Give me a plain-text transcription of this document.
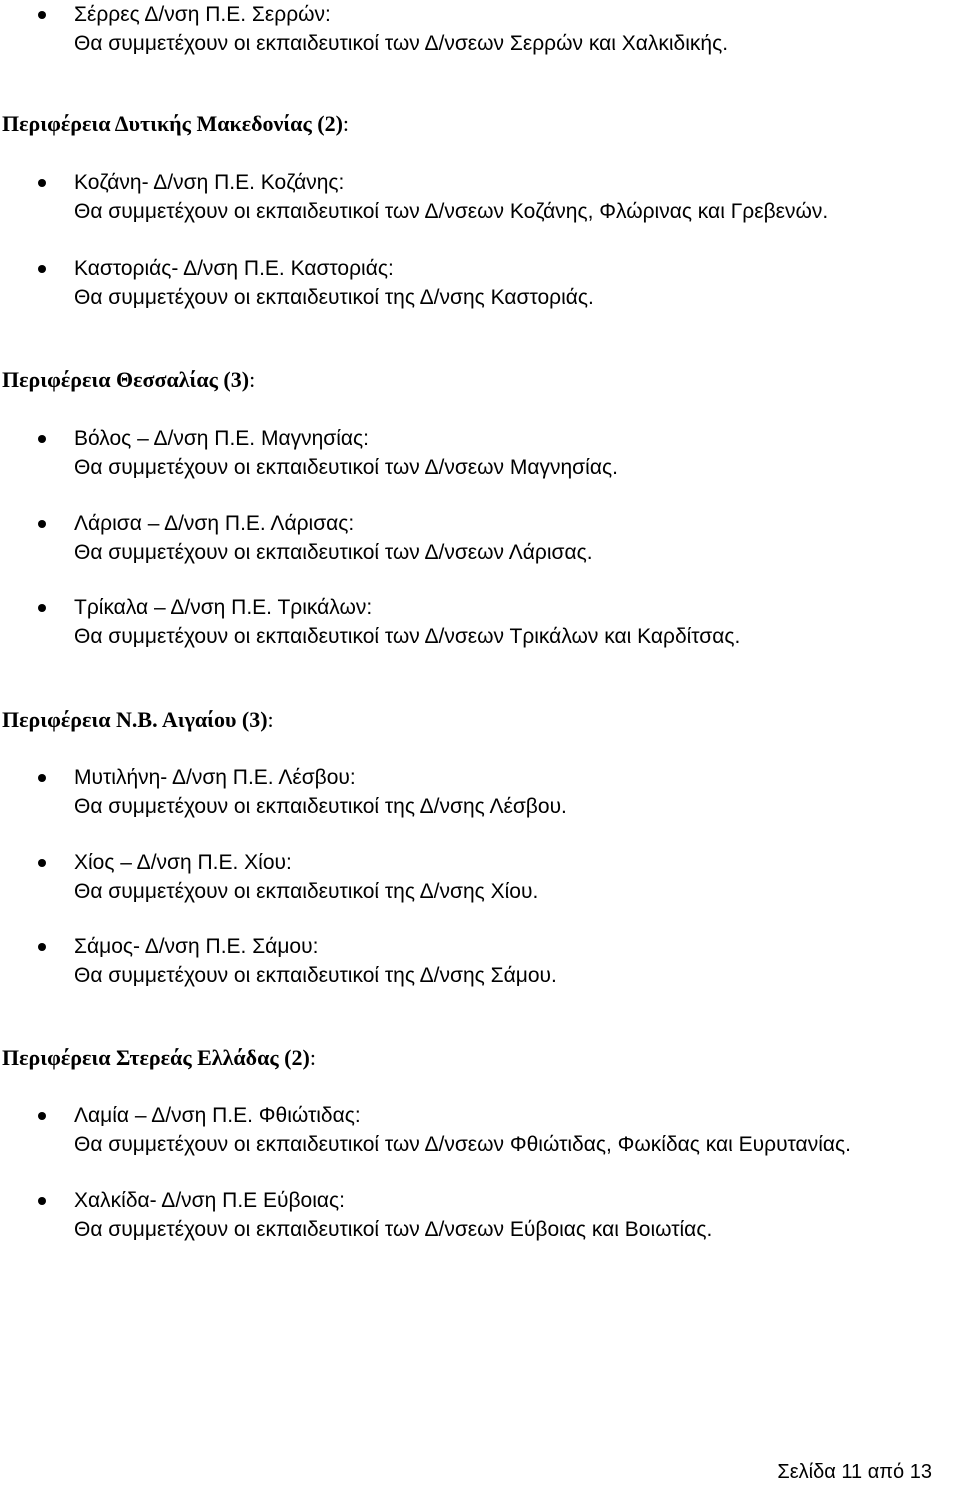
Σέρρες Δ/νση Π.Ε. Σερρών:
Θα συμμετέχουν οι εκπαιδευτικοί των Δ/νσεων Σερρών και Χαλκιδικής.
Περιφέρεια Δυτικής Μακεδονίας (2):
Κοζάνη- Δ/νση Π.Ε. Κοζάνης:
Θα συμμετέχουν οι εκπαιδευτικοί των Δ/νσεων Κοζάνης, Φλώρινας και Γρεβενών.
Καστοριάς- Δ/νση Π.Ε. Καστοριάς:
Θα συμμετέχουν οι εκπαιδευτικοί της Δ/νσης Καστοριάς.
Περιφέρεια Θεσσαλίας (3):
Βόλος – Δ/νση Π.Ε. Μαγνησίας:
Θα συμμετέχουν οι εκπαιδευτικοί των Δ/νσεων Μαγνησίας.
Λάρισα – Δ/νση Π.Ε. Λάρισας:
Θα συμμετέχουν οι εκπαιδευτικοί των Δ/νσεων Λάρισας.
Τρίκαλα – Δ/νση Π.Ε. Τρικάλων:
Θα συμμετέχουν οι εκπαιδευτικοί των Δ/νσεων Τρικάλων και Καρδίτσας.
Περιφέρεια Ν.Β. Αιγαίου (3):
Μυτιλήνη- Δ/νση Π.Ε. Λέσβου:
Θα συμμετέχουν οι εκπαιδευτικοί της Δ/νσης Λέσβου.
Χίος – Δ/νση Π.Ε. Χίου:
Θα συμμετέχουν οι εκπαιδευτικοί της Δ/νσης Χίου.
Σάμος- Δ/νση Π.Ε. Σάμου:
Θα συμμετέχουν οι εκπαιδευτικοί της Δ/νσης Σάμου.
Περιφέρεια Στερεάς Ελλάδας (2):
Λαμία – Δ/νση Π.Ε. Φθιώτιδας:
Θα συμμετέχουν οι εκπαιδευτικοί των Δ/νσεων Φθιώτιδας, Φωκίδας και Ευρυτανίας.
Χαλκίδα- Δ/νση Π.Ε Εύβοιας:
Θα συμμετέχουν οι εκπαιδευτικοί των Δ/νσεων Εύβοιας και Βοιωτίας.
Σελίδα 11 από 13
